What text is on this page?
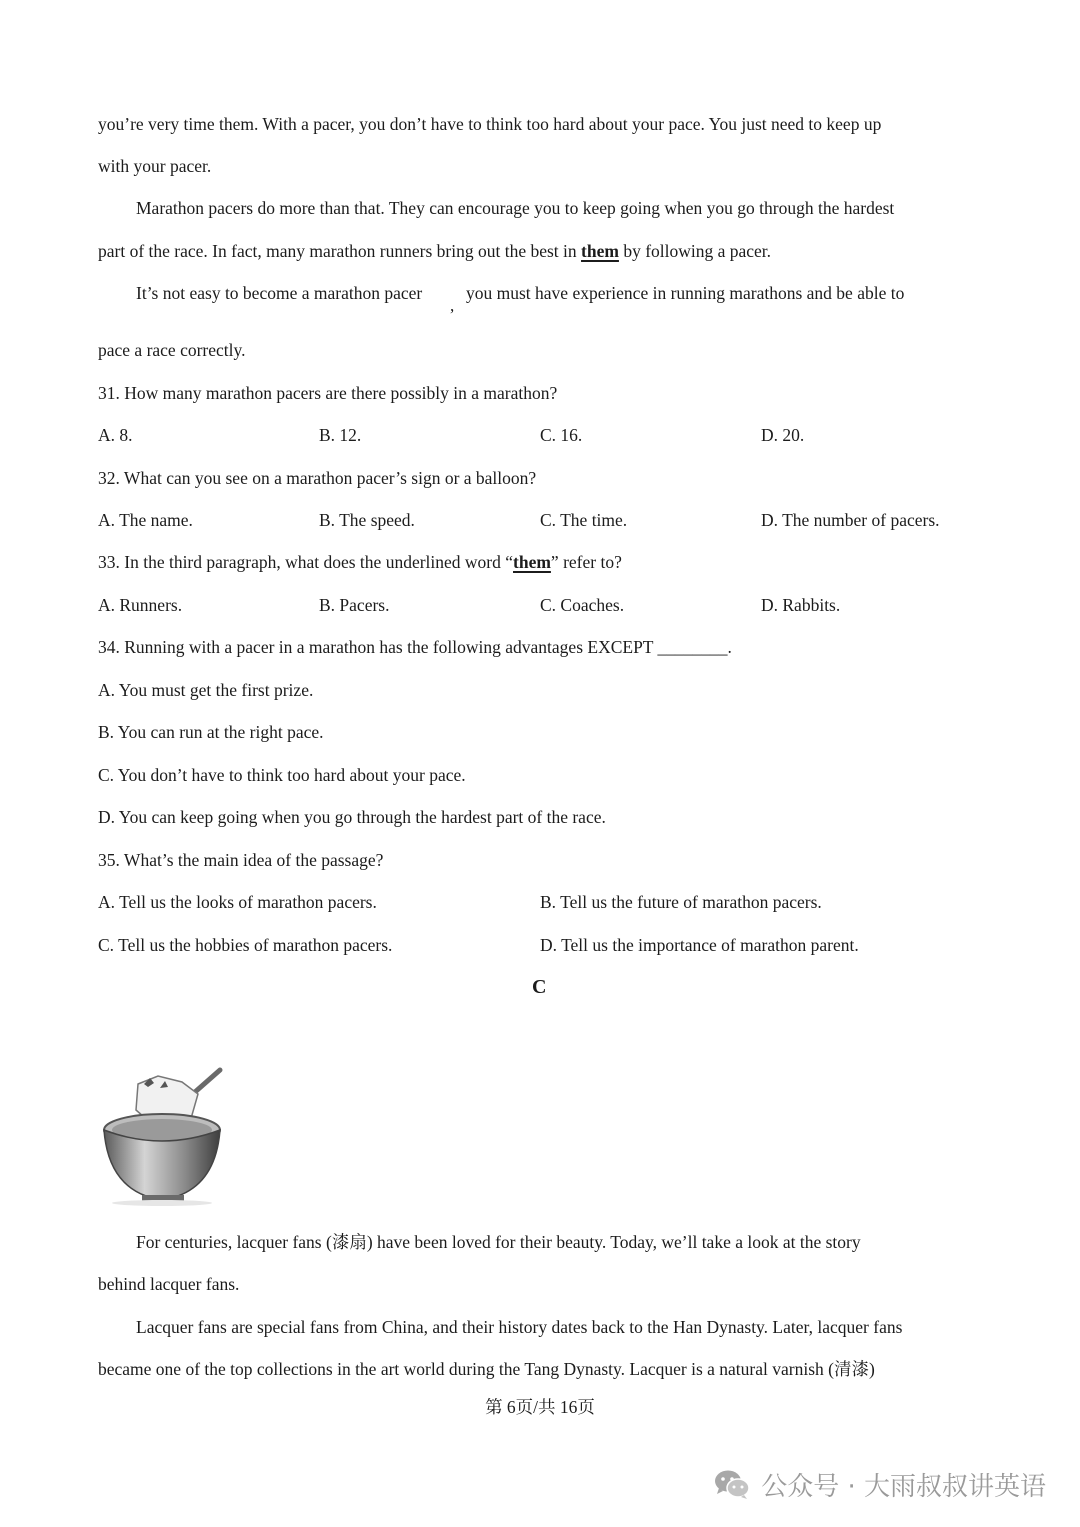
you’re very time them. With a pacer, you don’t have to think too hard about your pace. You just need to keep up
with your pacer.
Marathon pacers do more than that. They can encourage you to keep going when you go through the hardest
part of the race. In fact, many marathon runners bring out the best in them by following a pacer.
It’s not easy to become a marathon pacer
,
you must have experience in running marathons and be able to
pace a race correctly.
31. How many marathon pacers are there possibly in a marathon?
A. 8.	B. 12.	C. 16.	D. 20.
32. What can you see on a marathon pacer’s sign or a balloon?
A. The name.	B. The speed.	C. The time.	D. The number of pacers.
33. In the third paragraph, what does the underlined word “them” refer to?
A. Runners.	B. Pacers.	C. Coaches.	D. Rabbits.
34. Running with a pacer in a marathon has the following advantages EXCEPT ________.
A. You must get the first prize.
B. You can run at the right pace.
C. You don’t have to think too hard about your pace.
D. You can keep going when you go through the hardest part of the race.
35. What’s the main idea of the passage?
A. Tell us the looks of marathon pacers.	B. Tell us the future of marathon pacers.
C. Tell us the hobbies of marathon pacers.	D. Tell us the importance of marathon parent.
C
For centuries, lacquer fans (漆扇) have been loved for their beauty. Today, we’ll take a look at the story
behind lacquer fans.
Lacquer fans are special fans from China, and their history dates back to the Han Dynasty. Later, lacquer fans
became one of the top collections in the art world during the Tang Dynasty. Lacquer is a natural varnish (清漆)
第 6页/共 16页
公众号 · 大雨叔叔讲英语
